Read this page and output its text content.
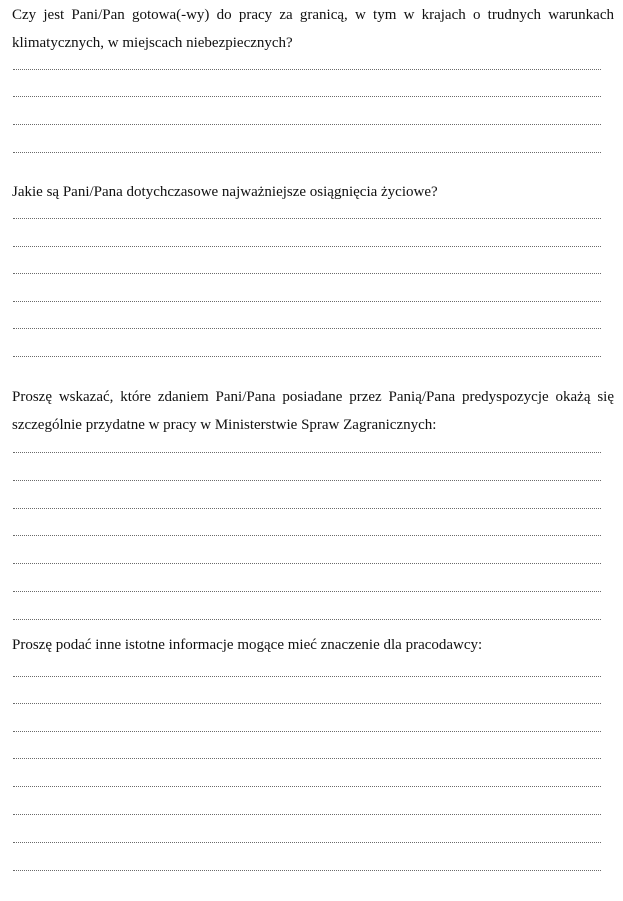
Czy jest Pani/Pan gotowa(-wy) do pracy za granicą, w tym w krajach o trudnych warunkach klimatycznych, w miejscach niebezpiecznych?

Jakie są Pani/Pana dotychczasowe najważniejsze osiągnięcia życiowe?

Proszę wskazać, które zdaniem Pani/Pana posiadane przez Panią/Pana predyspozycje okażą się szczególnie przydatne w pracy w Ministerstwie Spraw Zagranicznych:

Proszę podać inne istotne informacje mogące mieć znaczenie dla pracodawcy:
